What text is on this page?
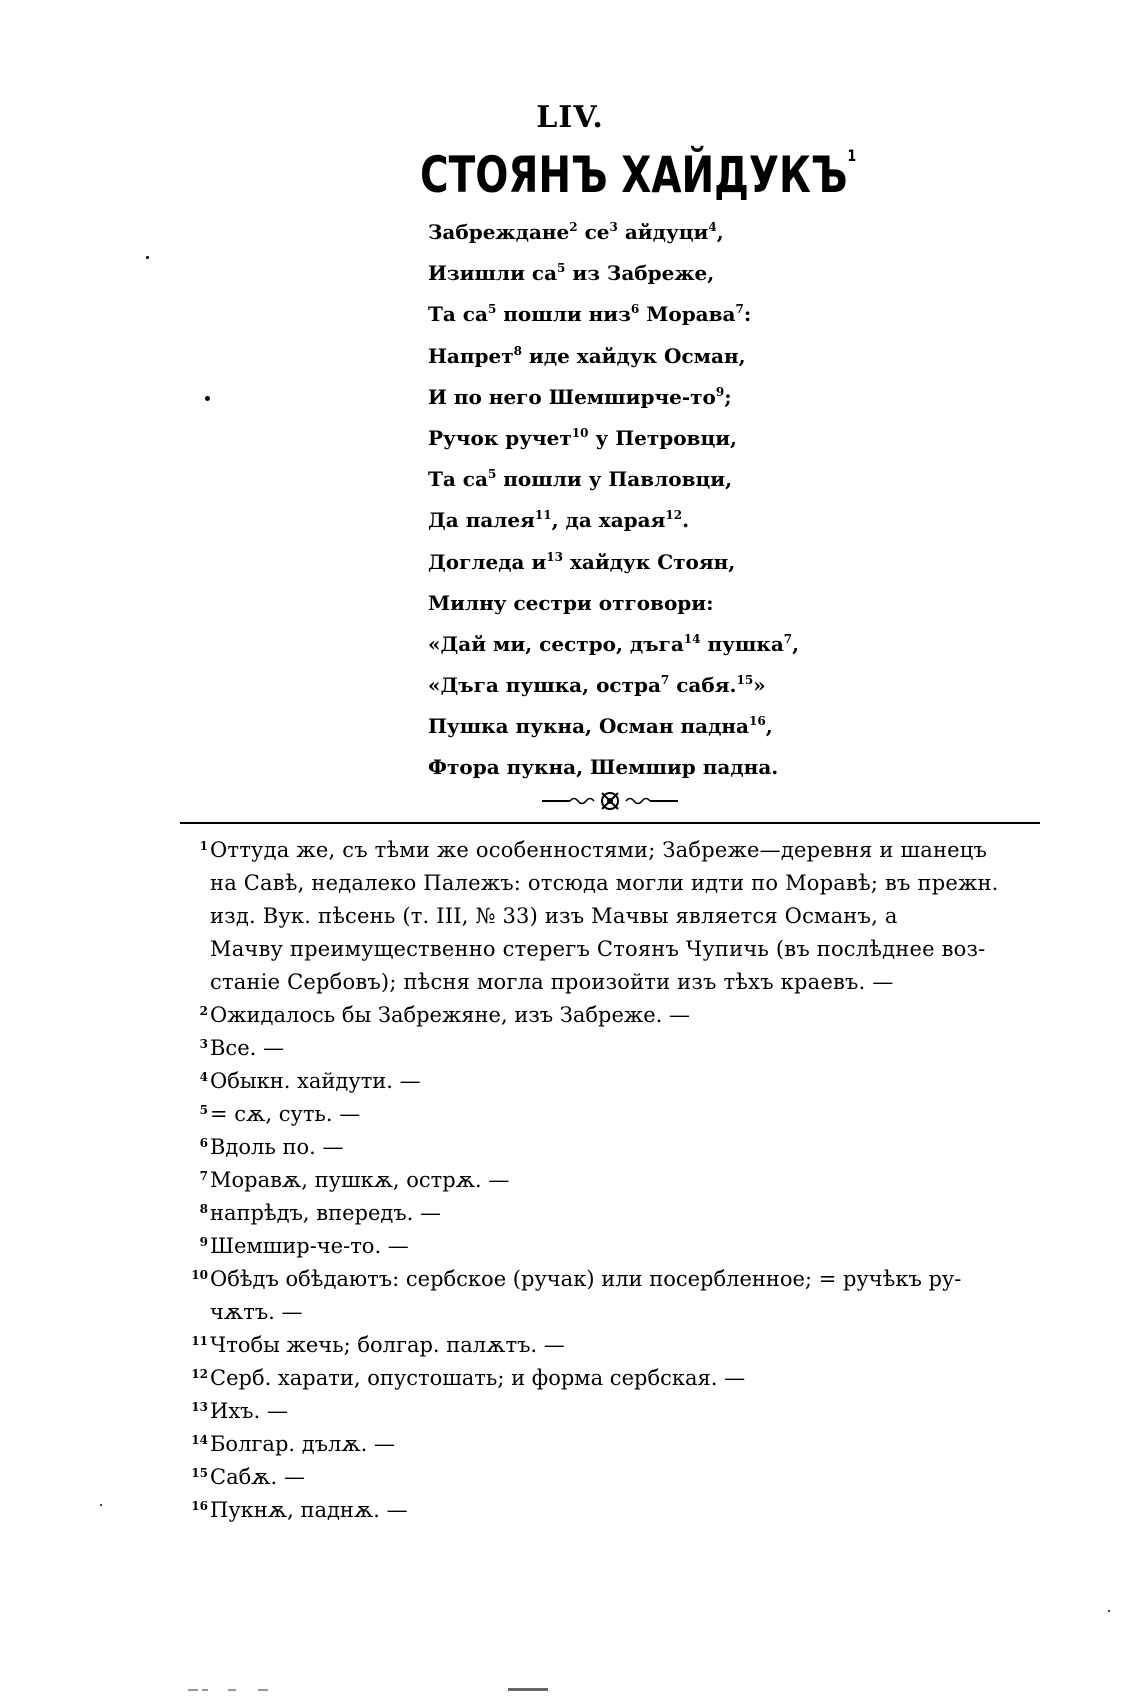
LIV.
СТОЯНЪ ХАЙДУКЪ$^1$
Забреждане$^2$ $се^3$ айдуци$^4$,
Изишли $са^5$ из Забреже,
Та $са^5$ пошли низ$^6$ Морава$^7$:
Напрет$^8$ иде хайдук Осман,
И по него Шемширче-$то^9$;
Ручок ручет$^{10}$ у Петровци,
Та $са^5$ пошли у Павловци,
Да палея$^{11}$, да харая$^{12}$.
Догледа $и^{13}$ хайдук Стоян,
Милну сестри отговори:
«Дай ми, сестро, дъга$^{14}$ пушка$^7$,
«Дъга пушка, остра$^7$ сабя.$^{15}$»
Пушка пукна, Осман падна$^{16}$,
Фтора пукна, Шемшир падна.
1 Оттуда же, съ тѣми же особенностями; Забреже—деревня и шанецъ
на Савѣ, недалеко Палежъ: отсюда могли идти по Моравѣ; въ прежн.
изд. Вук. пѣсень (т. III, № 33) изъ Мачвы является Османъ, а
Мачву преимущественно стерегъ Стоянъ Чупичь (въ послѣднее воз-
станіе Сербовъ); пѣсня могла произойти изъ тѣхъ краевъ. —
2 Ожидалось бы Забрежяне, изъ Забреже. —
3 Все. —
4 Обыкн. хайдути. —
5 = сѫ, суть. —
6 Вдоль по. —
7 Моравѫ, пушкѫ, острѫ. —
8 напрѣдъ, впередъ. —
9 Шемшир-че-то. —
10 Обѣдъ обѣдаютъ: сербское (ручак) или посербленное; = ручѣкъ ру-
чѫтъ. —
11 Чтобы жечь; болгар. палѫтъ. —
12 Серб. харати, опустошать; и форма сербская. —
13 Ихъ. —
14 Болгар. дълѫ. —
15 Сабѫ. —
16 Пукнѫ, паднѫ. —
